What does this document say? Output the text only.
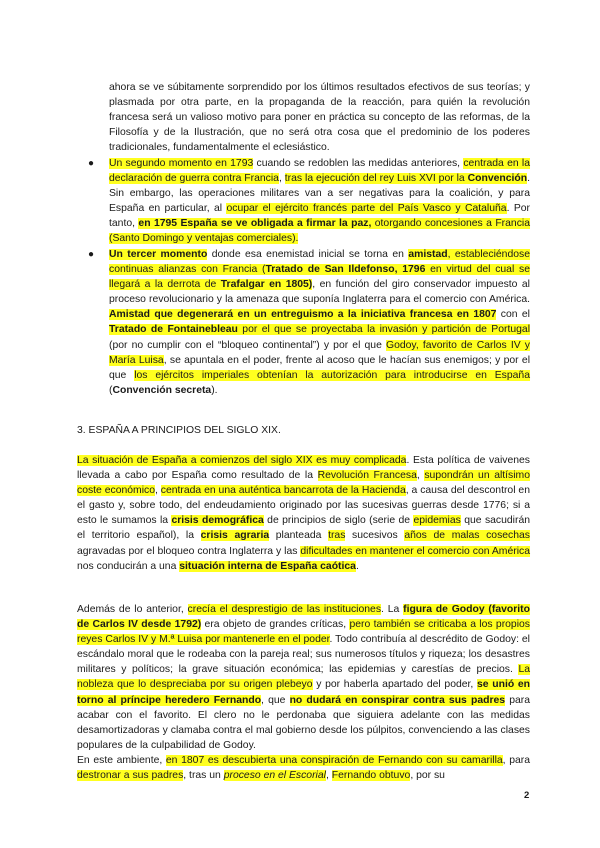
ahora se ve súbitamente sorprendido por los últimos resultados efectivos de sus teorías; y plasmada por otra parte, en la propaganda de la reacción, para quién la revolución francesa será un valioso motivo para poner en práctica su concepto de las reformas, de la Filosofía y de la Ilustración, que no será otra cosa que el predominio de los poderes tradicionales, fundamentalmente el eclesiástico.

● Un segundo momento en 1793 cuando se redoblen las medidas anteriores, centrada en la declaración de guerra contra Francia, tras la ejecución del rey Luis XVI por la Convención. Sin embargo, las operaciones militares van a ser negativas para la coalición, y para España en particular, al ocupar el ejército francés parte del País Vasco y Cataluña. Por tanto, en 1795 España se ve obligada a firmar la paz, otorgando concesiones a Francia (Santo Domingo y ventajas comerciales).

● Un tercer momento donde esa enemistad inicial se torna en amistad, estableciéndose continuas alianzas con Francia (Tratado de San Ildefonso, 1796 en virtud del cual se llegará a la derrota de Trafalgar en 1805), en función del giro conservador impuesto al proceso revolucionario y la amenaza que suponía Inglaterra para el comercio con América. Amistad que degenerará en un entreguismo a la iniciativa francesa en 1807 con el Tratado de Fontainebleau por el que se proyectaba la invasión y partición de Portugal (por no cumplir con el “bloqueo continental”) y por el que Godoy, favorito de Carlos IV y María Luisa, se apuntala en el poder, frente al acoso que le hacían sus enemigos; y por el que los ejércitos imperiales obtenían la autorización para introducirse en España (Convención secreta).

3. ESPAÑA A PRINCIPIOS DEL SIGLO XIX.

La situación de España a comienzos del siglo XIX es muy complicada. Esta política de vaivenes llevada a cabo por España como resultado de la Revolución Francesa, supondrán un altísimo coste económico, centrada en una auténtica bancarrota de la Hacienda, a causa del descontrol en el gasto y, sobre todo, del endeudamiento originado por las sucesivas guerras desde 1776; si a esto le sumamos la crisis demográfica de principios de siglo (serie de epidemias que sacudirán el territorio español), la crisis agraria planteada tras sucesivos años de malas cosechas agravadas por el bloqueo contra Inglaterra y las dificultades en mantener el comercio con América nos conducirán a una situación interna de España caótica.

Además de lo anterior, crecía el desprestigio de las instituciones. La figura de Godoy (favorito de Carlos IV desde 1792) era objeto de grandes críticas, pero también se criticaba a los propios reyes Carlos IV y M.ª Luisa por mantenerle en el poder. Todo contribuía al descrédito de Godoy: el escándalo moral que le rodeaba con la pareja real; sus numerosos títulos y riqueza; los desastres militares y políticos; la grave situación económica; las epidemias y carestías de precios. La nobleza que lo despreciaba por su origen plebeyo y por haberla apartado del poder, se unió en torno al príncipe heredero Fernando, que no dudará en conspirar contra sus padres para acabar con el favorito. El clero no le perdonaba que siguiera adelante con las medidas desamortizadoras y clamaba contra el mal gobierno desde los púlpitos, convenciendo a las clases populares de la culpabilidad de Godoy.

En este ambiente, en 1807 es descubierta una conspiración de Fernando con su camarilla, para destronar a sus padres, tras un proceso en el Escorial, Fernando obtuvo, por su

2
